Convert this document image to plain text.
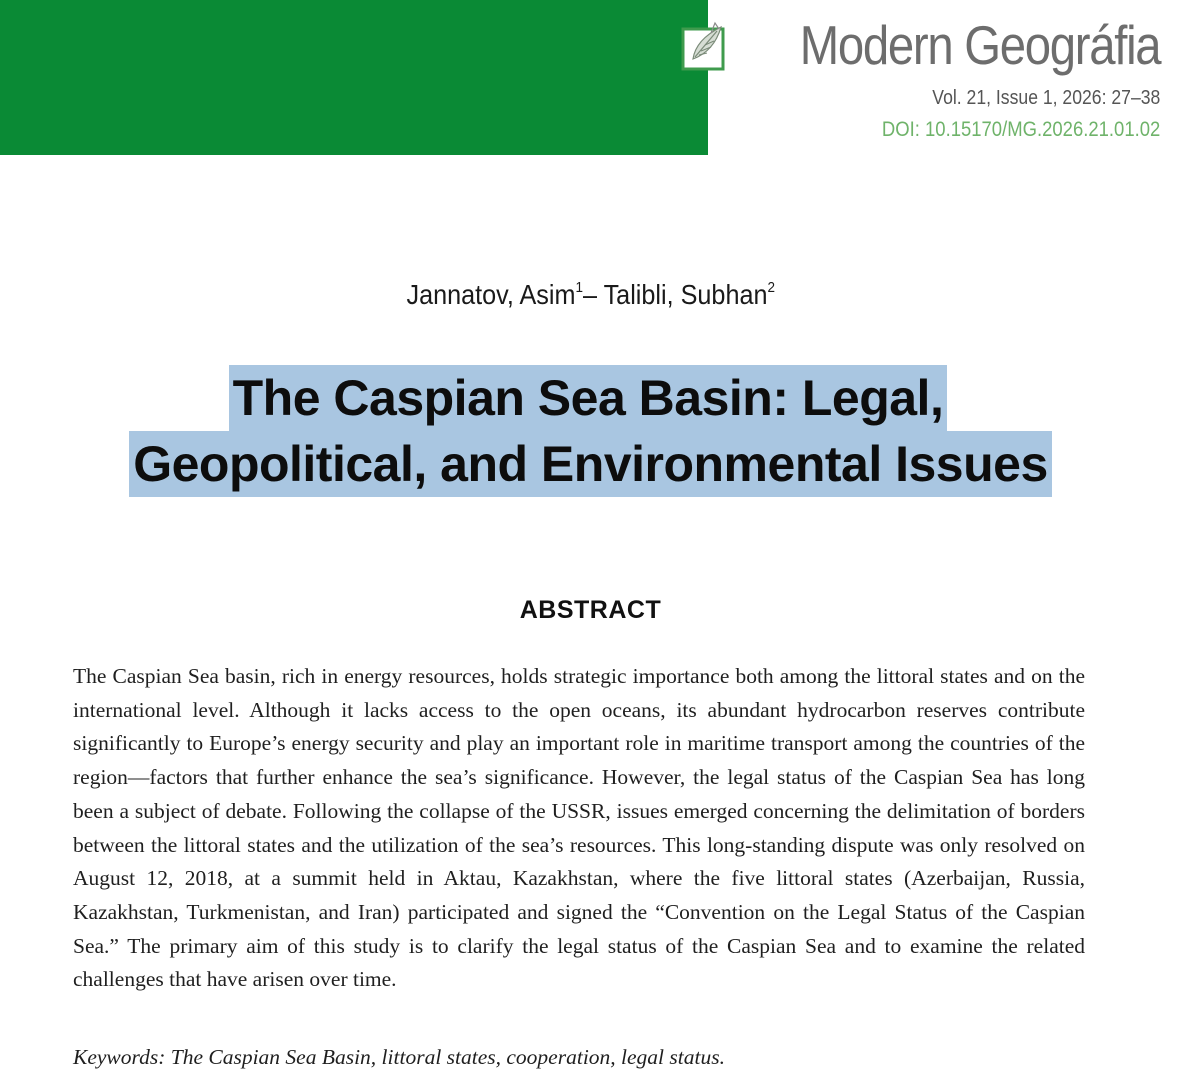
Modern Geográfia
Vol. 21, Issue 1, 2026: 27–38
DOI: 10.15170/MG.2026.21.01.02
Jannatov, Asim$^1$– Talibli, Subhan$^2$
The Caspian Sea Basin: Legal,
Geopolitical, and Environmental Issues
ABSTRACT
The Caspian Sea basin, rich in energy resources, holds strategic importance both among the littoral states and on the international level. Although it lacks access to the open oceans, its abundant hydrocarbon reserves contribute significantly to Europe’s energy security and play an important role in maritime transport among the countries of the region—factors that further enhance the sea’s significance. However, the legal status of the Caspian Sea has long been a subject of debate. Following the collapse of the USSR, issues emerged concerning the delimitation of borders between the littoral states and the utilization of the sea’s resources. This long-standing dispute was only resolved on August 12, 2018, at a summit held in Aktau, Kazakhstan, where the five littoral states (Azerbaijan, Russia, Kazakhstan, Turkmenistan, and Iran) participated and signed the “Convention on the Legal Status of the Caspian Sea.” The primary aim of this study is to clarify the legal status of the Caspian Sea and to examine the related challenges that have arisen over time.
Keywords: The Caspian Sea Basin, littoral states, cooperation, legal status.
